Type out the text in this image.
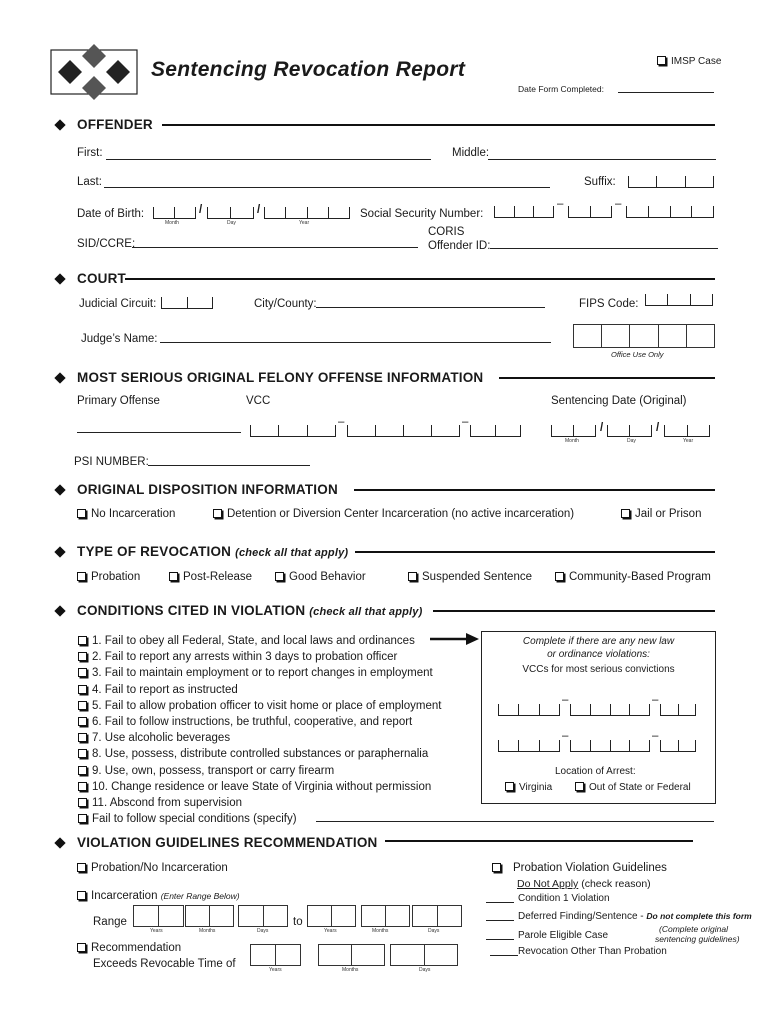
Sentencing Revocation Report	IMSP Case
Date Form Completed:
OFFENDER
First:	Middle:
Last:	Suffix:
Date of Birth:	/	/
Month	Day	Year
Social Security Number:
–	–
SID/CCRE:
CORIS
Offender ID:
COURT
Judicial Circuit:	City/County:	FIPS Code:
Judge’s Name:
Office Use Only
MOST SERIOUS ORIGINAL FELONY OFFENSE INFORMATION
Primary Offense	VCC	Sentencing Date (Original)
–	–	/	/
Month	Day	Year
PSI NUMBER:
ORIGINAL DISPOSITION INFORMATION
No Incarceration	Detention or Diversion Center Incarceration (no active incarceration)	Jail or Prison
TYPE OF REVOCATION (check all that apply)
Probation	Post-Release	Good Behavior	Suspended Sentence	Community-Based Program
CONDITIONS CITED IN VIOLATION (check all that apply)
1. Fail to obey all Federal, State, and local laws and ordinances
2. Fail to report any arrests within 3 days to probation officer
3. Fail to maintain employment or to report changes in employment
4. Fail to report as instructed
5. Fail to allow probation officer to visit home or place of employment
6. Fail to follow instructions, be truthful, cooperative, and report
7. Use alcoholic beverages
8. Use, possess, distribute controlled substances or paraphernalia
9. Use, own, possess, transport or carry firearm
10. Change residence or leave State of Virginia without permission
11. Abscond from supervision
Fail to follow special conditions (specify)
Complete if there are any new law
or ordinance violations:
VCCs for most serious convictions
–	–
–	–
Location of Arrest:
Virginia	Out of State or Federal
VIOLATION GUIDELINES RECOMMENDATION
Probation/No Incarceration
Incarceration (Enter Range Below)
Range
Years	Months	Days
to
Years	Months	Days
Recommendation
Exceeds Revocable Time of	Years	Months	Days
Probation Violation Guidelines
Do Not Apply (check reason)
Condition 1 Violation
Deferred Finding/Sentence - Do not complete this form
Parole Eligible Case
(Complete original
sentencing guidelines)
Revocation Other Than Probation
